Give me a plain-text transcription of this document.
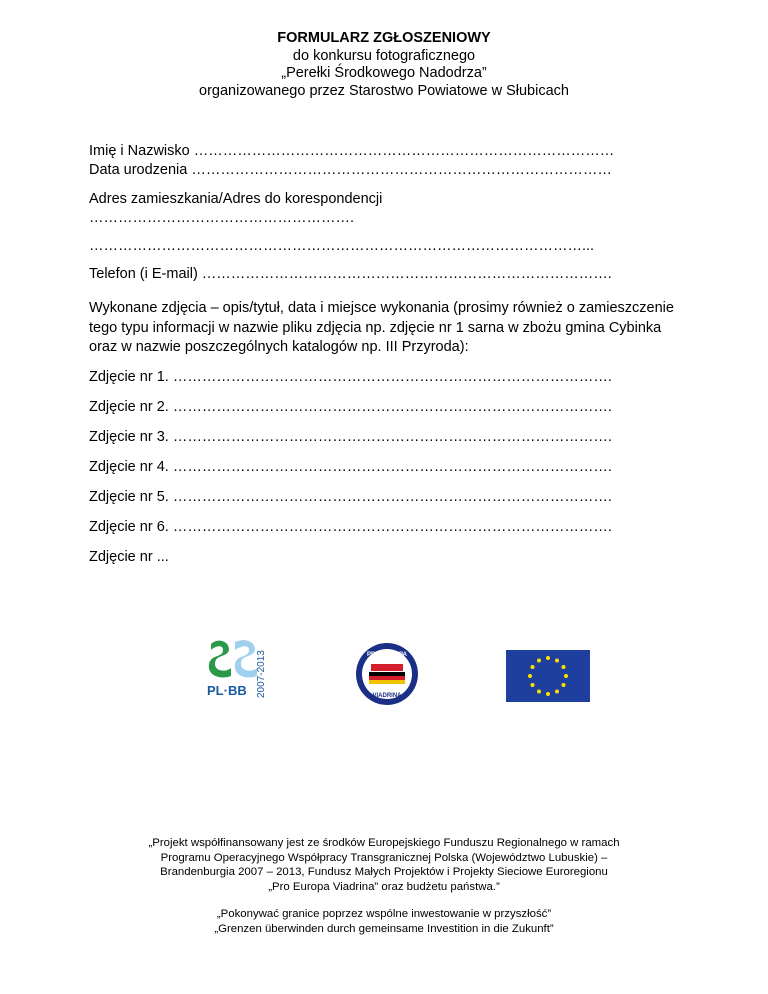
FORMULARZ ZGŁOSZENIOWY
do konkursu fotograficznego
„Perełki Środkowego Nadodrza”
organizowanego przez Starostwo Powiatowe w Słubicach
Imię i Nazwisko ……………………………………………………………………………
Data urodzenia ……………………………………………………………………………
Adres zamieszkania/Adres do korespondencji
……………………………………………….
…………………………………………………………………………………………...
Telefon (i E-mail) ………………………………………………………………………….
Wykonane zdjęcia – opis/tytuł, data i miejsce wykonania (prosimy również o zamieszczenie tego typu informacji w nazwie pliku zdjęcia np. zdjęcie nr 1 sarna w zbożu gmina Cybinka oraz w nazwie poszczególnych katalogów np. III Przyroda):
Zdjęcie nr 1. ……………………………………………………………………………….
Zdjęcie nr 2. ……………………………………………………………………………….
Zdjęcie nr 3. ……………………………………………………………………………….
Zdjęcie nr 4. ……………………………………………………………………………….
Zdjęcie nr 5. ……………………………………………………………………………….
Zdjęcie nr 6. ……………………………………………………………………………….
Zdjęcie nr ...
PL·BB 2007-2013	PRO EUROPA
VIADRINA
„Projekt współfinansowany jest ze środków Europejskiego Funduszu Regionalnego w ramach
Programu Operacyjnego Współpracy Transgranicznej Polska (Województwo Lubuskie) –
Brandenburgia 2007 – 2013, Fundusz Małych Projektów i Projekty Sieciowe Euroregionu
„Pro Europa Viadrina” oraz budżetu państwa.”
„Pokonywać granice poprzez wspólne inwestowanie w przyszłość”
„Grenzen überwinden durch gemeinsame Investition in die Zukunft”
